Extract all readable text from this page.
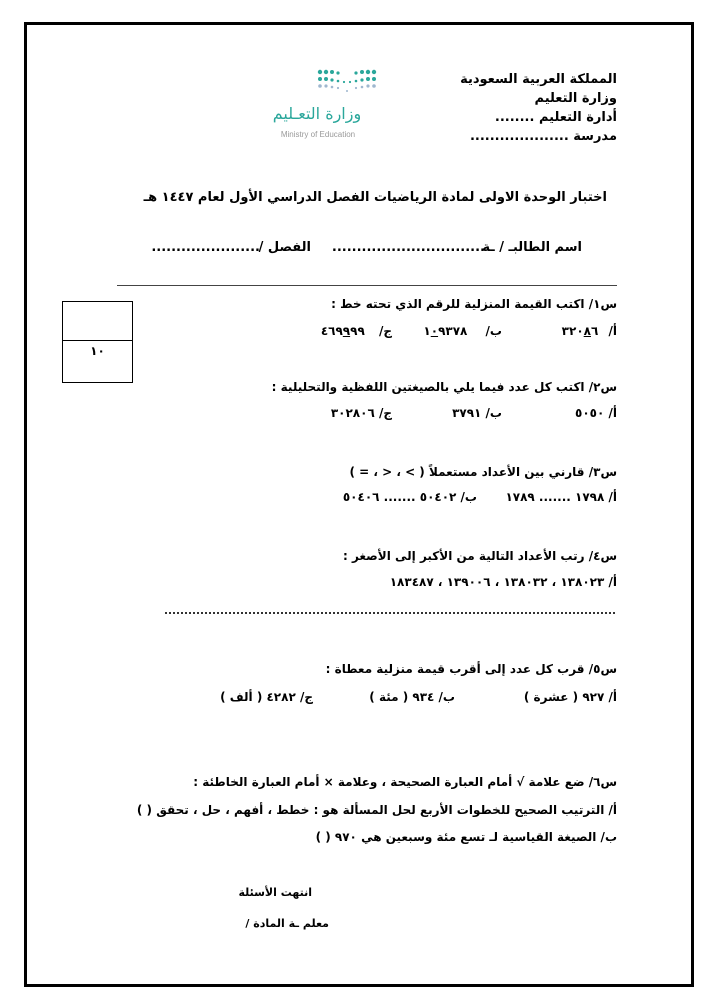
وزارة التعـليم
Ministry of Education
المملكة العربية السعودية
وزارة التعليم
أدارة التعليم ........
مدرسة ....................
اختبار الوحدة الاولى لمادة الرياضيات الفصل الدراسي الأول لعام ١٤٤٧ هـ
اسم الطالبـ / ـة
...............................
الفصل /
......................
١٠
س١/ اكتب القيمة المنزلية للرقم الذي تحته خط :
أ/ ٣٢٠٨٦
ب/ ١٠٩٣٧٨
ج/ ٤٦٩٩٩٩
س٢/ اكتب كل عدد فيما يلي بالصيغتين اللفظية والتحليلية :
أ/ ٥٠٥٠
ب/ ٣٧٩١
ج/ ٣٠٢٨٠٦
س٣/ قارني بين الأعداد مستعملاً ( > ، < ، = )
أ/ ١٧٩٨ ....... ١٧٨٩
ب/ ٥٠٤٠٢ ....... ٥٠٤٠٦
س٤/ رتب الأعداد التالية من الأكبر إلى الأصغر :
أ/ ١٣٨٠٢٣ ، ١٣٨٠٣٢ ، ١٣٩٠٠٦ ، ١٨٣٤٨٧
س٥/ قرب كل عدد إلى أقرب قيمة منزلية معطاة :
أ/ ٩٢٧ ( عشرة )
ب/ ٩٣٤ ( مئة )
ج/ ٤٢٨٢ ( ألف )
س٦/ ضع علامة √ أمام العبارة الصحيحة ، وعلامة × أمام العبارة الخاطئة :
أ/ الترتيب الصحيح للخطوات الأربع لحل المسألة هو : خطط ، أفهم ، حل ، تحقق ( )
ب/ الصيغة القياسية لـ تسع مئة وسبعين هي ٩٧٠ ( )
انتهت الأسئلة
معلم ـة المادة /
